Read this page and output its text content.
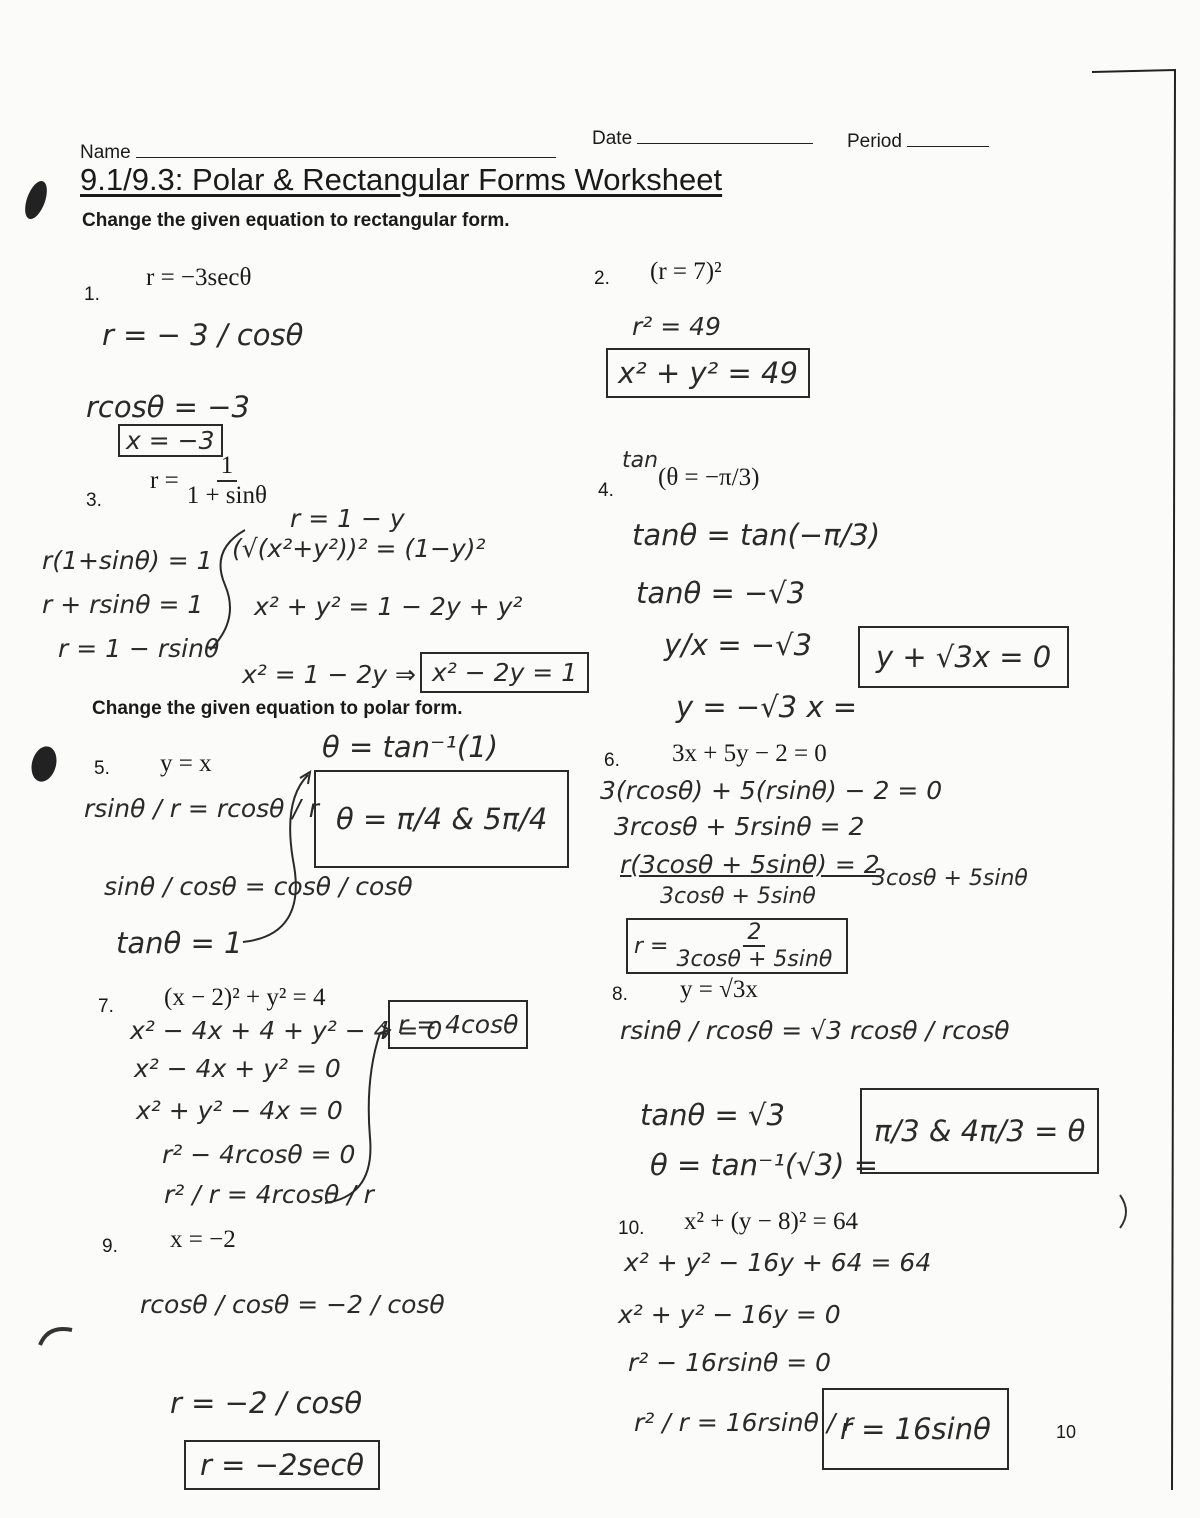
Name
Date	Period
9.1/9.3: Polar & Rectangular Forms Worksheet
Change the given equation to rectangular form.
1.
r = −3secθ
r = − 3 / cosθ
rcosθ = −3
x = −3
2. (r = 7)²
r² = 49
x² + y² = 49
3.
$r = \frac{1}{1 + \sin\theta}$
r = 1 − y
r(1+sinθ) = 1
r + rsinθ = 1
r = 1 − rsinθ
(√(x²+y²))² = (1−y)²
x² + y² = 1 − 2y + y²
x² = 1 − 2y ⇒ x² − 2y = 1
4.
tan
(θ = −π/3)
tanθ = tan(−π/3)
tanθ = −√3
y/x = −√3
y = −√3 x =
y + √3x = 0
Change the given equation to polar form.
5. y = x	θ = tan⁻¹(1)
rsinθ / r = rcosθ / r
sinθ / cosθ = cosθ / cosθ
tanθ = 1
θ = π/4 & 5π/4
6. 3x + 5y − 2 = 0
3(rcosθ) + 5(rsinθ) − 2 = 0
3rcosθ + 5rsinθ = 2
r(3cosθ + 5sinθ) = 2
3cosθ + 5sinθ
3cosθ + 5sinθ
$r = \frac{2}{3\cos\theta + 5\sin\theta}$
7. (x − 2)² + y² = 4
x² − 4x + 4 + y² − 4 = 0
x² − 4x + y² = 0
x² + y² − 4x = 0
r² − 4rcosθ = 0
r² / r = 4rcosθ / r
r = 4cosθ
8. y = √3x
rsinθ / rcosθ = √3 rcosθ / rcosθ
tanθ = √3
θ = tan⁻¹(√3) =
π/3 & 4π/3 = θ
9. x = −2
rcosθ / cosθ = −2 / cosθ
r = −2 / cosθ
r = −2secθ
10. x² + (y − 8)² = 64
x² + y² − 16y + 64 = 64
x² + y² − 16y = 0
r² − 16rsinθ = 0
r² / r = 16rsinθ / r
r = 16sinθ	10
